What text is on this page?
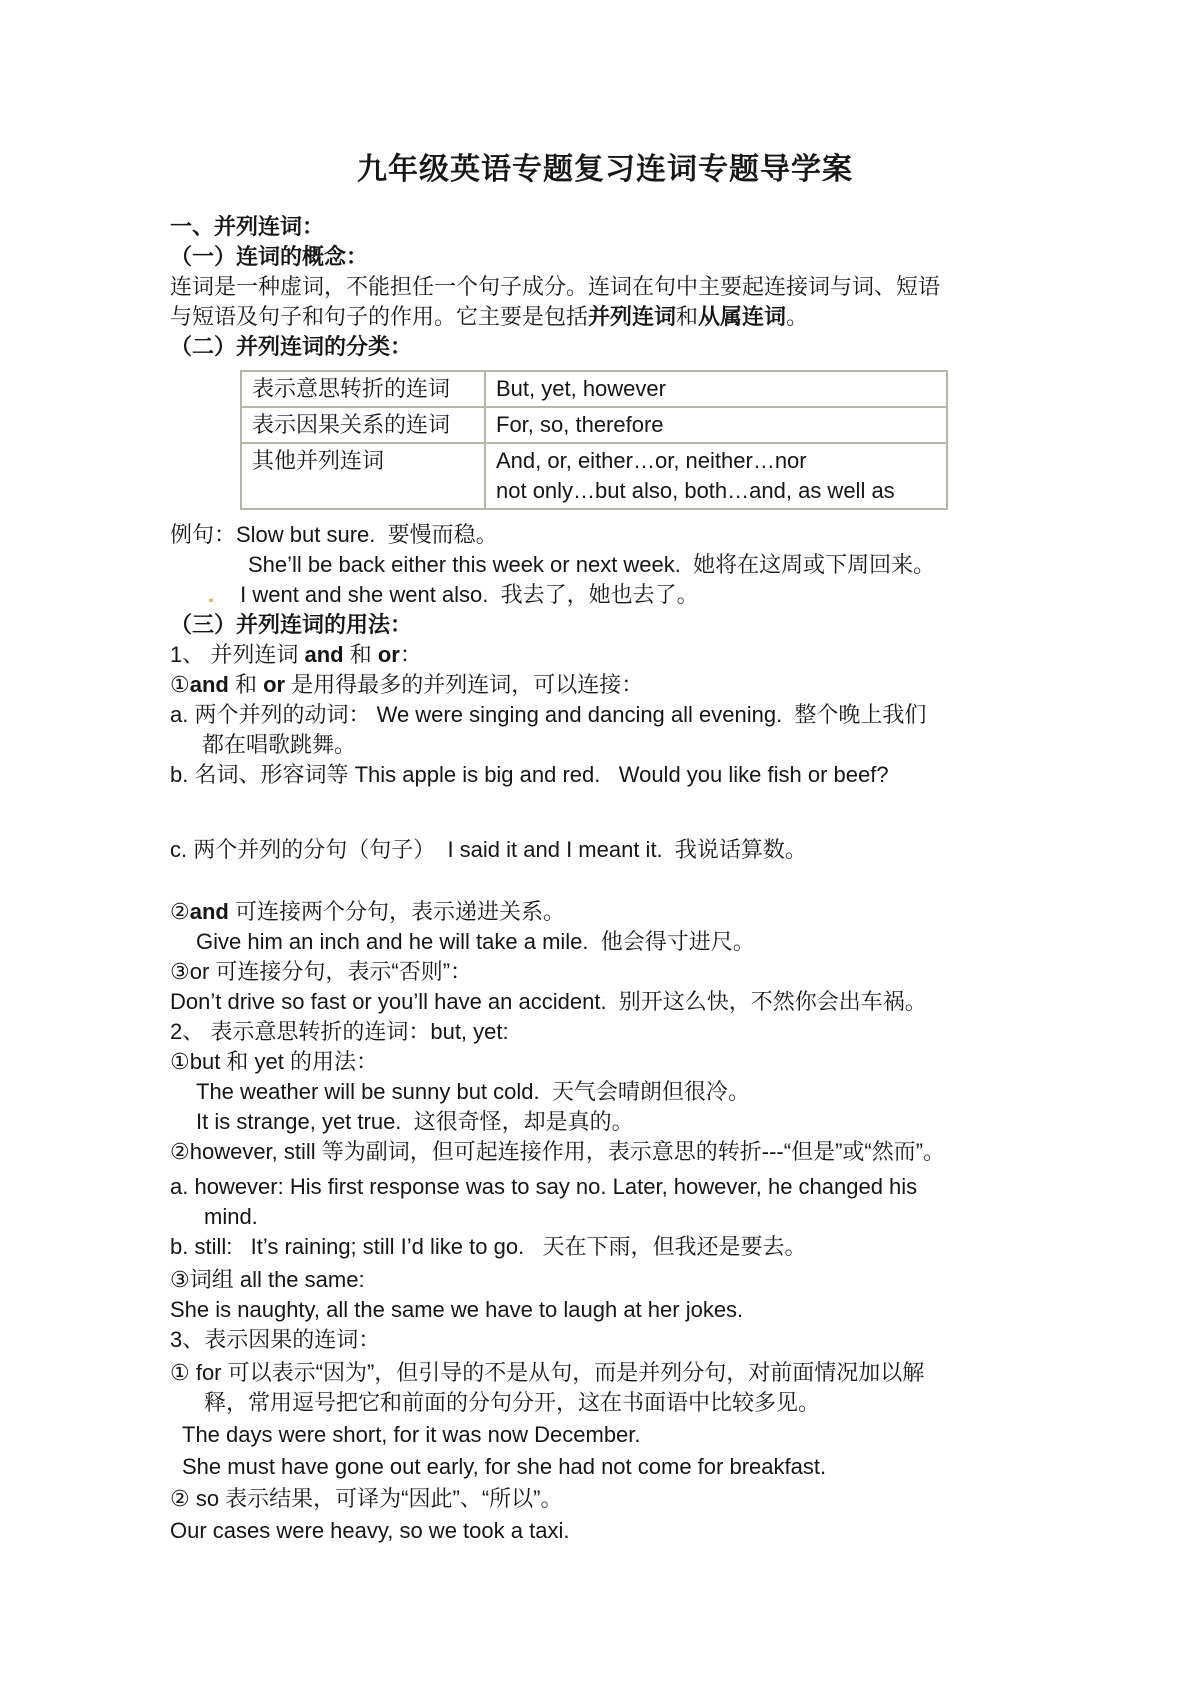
九年级英语专题复习连词专题导学案

一、并列连词：

（一）连词的概念：

连词是一种虚词，不能担任一个句子成分。连词在句中主要起连接词与词、短语

与短语及句子和句子的作用。它主要是包括并列连词和从属连词。

（二）并列连词的分类：

表示意思转折的连词	But, yet, however
表示因果关系的连词	For, so, therefore
其他并列连词	And, or, either…or, neither…nor
not only…but also, both…and, as well as

例句：Slow but sure.  要慢而稳。

She’ll be back either this week or next week.  她将在这周或下周回来。

. I went and she went also.  我去了，她也去了。

（三）并列连词的用法：

1、 并列连词 and 和 or：

①and 和 or 是用得最多的并列连词，可以连接：

a. 两个并列的动词： We were singing and dancing all evening.  整个晚上我们

都在唱歌跳舞。

b. 名词、形容词等 This apple is big and red.   Would you like fish or beef?

c. 两个并列的分句（句子）  I said it and I meant it.  我说话算数。

②and 可连接两个分句，表示递进关系。

Give him an inch and he will take a mile.  他会得寸进尺。

③or 可连接分句，表示“否则”：

Don’t drive so fast or you’ll have an accident.  别开这么快，不然你会出车祸。

2、 表示意思转折的连词：but, yet:

①but 和 yet 的用法：

The weather will be sunny but cold.  天气会晴朗但很冷。

It is strange, yet true.  这很奇怪，却是真的。

②however, still 等为副词，但可起连接作用，表示意思的转折---“但是”或“然而”。

a. however: His first response was to say no. Later, however, he changed his

mind.

b. still:   It’s raining; still I’d like to go.   天在下雨，但我还是要去。

③词组 all the same:

She is naughty, all the same we have to laugh at her jokes.

3、表示因果的连词：

① for 可以表示“因为”，但引导的不是从句，而是并列分句，对前面情况加以解

释，常用逗号把它和前面的分句分开，这在书面语中比较多见。

The days were short, for it was now December.

She must have gone out early, for she had not come for breakfast.

② so 表示结果，可译为“因此”、“所以”。

Our cases were heavy, so we took a taxi.
